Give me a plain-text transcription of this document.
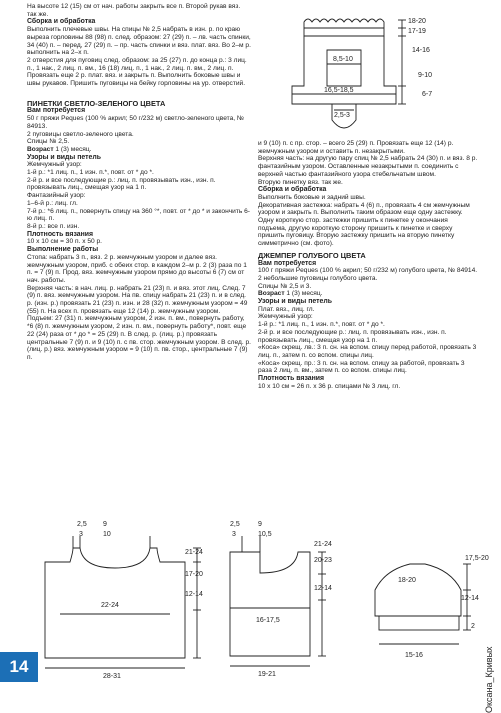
На высоте 12 (15) см от нач. работы закрыть все п. Второй рукав вяз. так же.

Сборка и обработка

Выполнить плечевые швы. На спицы № 2,5 набрать в изн. р. по краю выреза горловины 88 (98) п. след. образом: 27 (29) п. – лв. часть спинки, 34 (40) п. – перед, 27 (29) п. – пр. часть спинки и вяз. плат. вяз. Во 2–м р. выполнить на 2–х п.

2 отверстия для пуговиц след. образом: за 25 (27) п. до конца р.: 3 лиц. п., 1 нак., 2 лиц. п. вм., 16 (18) лиц. п., 1 нак., 2 лиц. п. вм., 2 лиц. п. Провязать еще 2 р. плат. вяз. и закрыть п. Выполнить боковые швы и швы рукавов. Пришить пуговицы на бейку горловины на ур. отверстий.

ПИНЕТКИ СВЕТЛО-ЗЕЛЕНОГО ЦВЕТА

Вам потребуется

50 г пряжи Peques (100 % акрил; 50 г/232 м) светло-зеленого цвета, № 84913.

2 пуговицы светло-зеленого цвета.

Спицы № 2,5.

Возраст 1 (3) месяц.

Узоры и виды петель

Жемчужный узор:

1-й р.: *1 лиц. п., 1 изн. п.*, повт. от * до *.

2-й р. и все последующие р.: лиц. п. провязывать изн., изн. п. провязывать лиц., смещая узор на 1 п.

Фантазийный узор:

1–6-й р.: лиц. гл.

7-й р.: *6 лиц. п., повернуть спицу на 360 °*, повт. от * до * и закончить 6-ю лиц. п.

8-й р.: все п. изн.

Плотность вязания

10 х 10 см = 30 п. х 50 р.

Выполнение работы

Стопа: набрать 3 п., вяз. 2 р. жемчужным узором и далее вяз. жемчужным узором, приб. с обеих стор. в каждом 2–м р. 2 (3) раза по 1 п. = 7 (9) п. Прод. вяз. жемчужным узором прямо до высоты 6 (7) см от нач. работы.

Верхняя часть: в нач. лиц. р. набрать 21 (23) п. и вяз. этот лиц. След. 7 (9) п. вяз. жемчужным узором. На пв. спицу набрать 21 (23) п. и в след. р. (изн. р.) провязать 21 (23) п. изн. и 28 (32) п. жемчужным узором = 49 (55) п. На всех п. провязать еще 12 (14) р. жемчужным узором.

Подъем: 27 (31) п. жемчужным узором, 2 изн. п. вм., повернуть работу, *6 (8) п. жемчужным узором, 2 изн. п. вм., повернуть работу*, повт. еще 22 (24) раза от * до * = 25 (29) п. В след. р. (лиц. р.) провязать центральные 7 (9) п. и 9 (10) п. с пв. стор. жемчужным узором. В след. р. (лиц. р.) вяз. жемчужным узором = 9 (10) п. пв. стор., центральные 7 (9) п.

и 9 (10) п. с пр. стор. – всего 25 (29) п. Провязать еще 12 (14) р. жемчужным узором и оставить п. незакрытыми.

Верхняя часть: на другую пару спиц № 2,5 набрать 24 (30) п. и вяз. 8 р. фантазийным узором. Оставленные незакрытыми п. соединить с верхней частью фантазийного узора стебельчатым швом.

Вторую пинетку вяз. так же.

Сборка и обработка

Выполнить боковые и задний швы.

Декоративная застежка: набрать 4 (6) п., провязать 4 см жемчужным узором и закрыть п. Выполнить таким образом еще одну застежку. Одну короткую стор. застежки пришить к пинетке у окончания подъема, другую короткую сторону пришить к пинетке и сверху пришить пуговицу. Вторую застежку пришить на вторую пинетку симметрично (см. фото).

ДЖЕМПЕР ГОЛУБОГО ЦВЕТА

Вам потребуется

100 г пряжи Peques (100 % акрил; 50 г/232 м) голубого цвета, № 84914.

2 небольшие пуговицы голубого цвета.

Спицы № 2,5 и 3.

Возраст 1 (3) месяц.

Узоры и виды петель

Плат. вяз., лиц. гл.

Жемчужный узор:

1-й р.: *1 лиц. п., 1 изн. п.*, повт. от * до *.

2-й р. и все последующие р.: лиц. п. провязывать изн., изн. п. провязывать лиц., смещая узор на 1 п.

«Коса» скрещ. лв.: 3 п. сн. на вспом. спицу перед работой, провязать 3 лиц. п., затем п. со вспом. спицы лиц.

«Коса» скрещ. пр.: 3 п. сн. на вспом. спицу за работой, провязать 3 раза 2 лиц. п. вм., затем п. со вспом. спицы лиц.

Плотность вязания

10 х 10 см = 26 п. х 36 р. спицами № 3 лиц. гл.

18-20
17-19
14-16
9-10
6-7
8,5-10
16,5-18,5
2,5-3
2,5
3
9
10
21-24
17-20
12-14
22-24
28-31
2,5
3
9
10,5
21-24
20-23
12-14
16-17,5
19-21
18-20
17,5-20
12-14
2
15-16
14	Оксана_Кривых
